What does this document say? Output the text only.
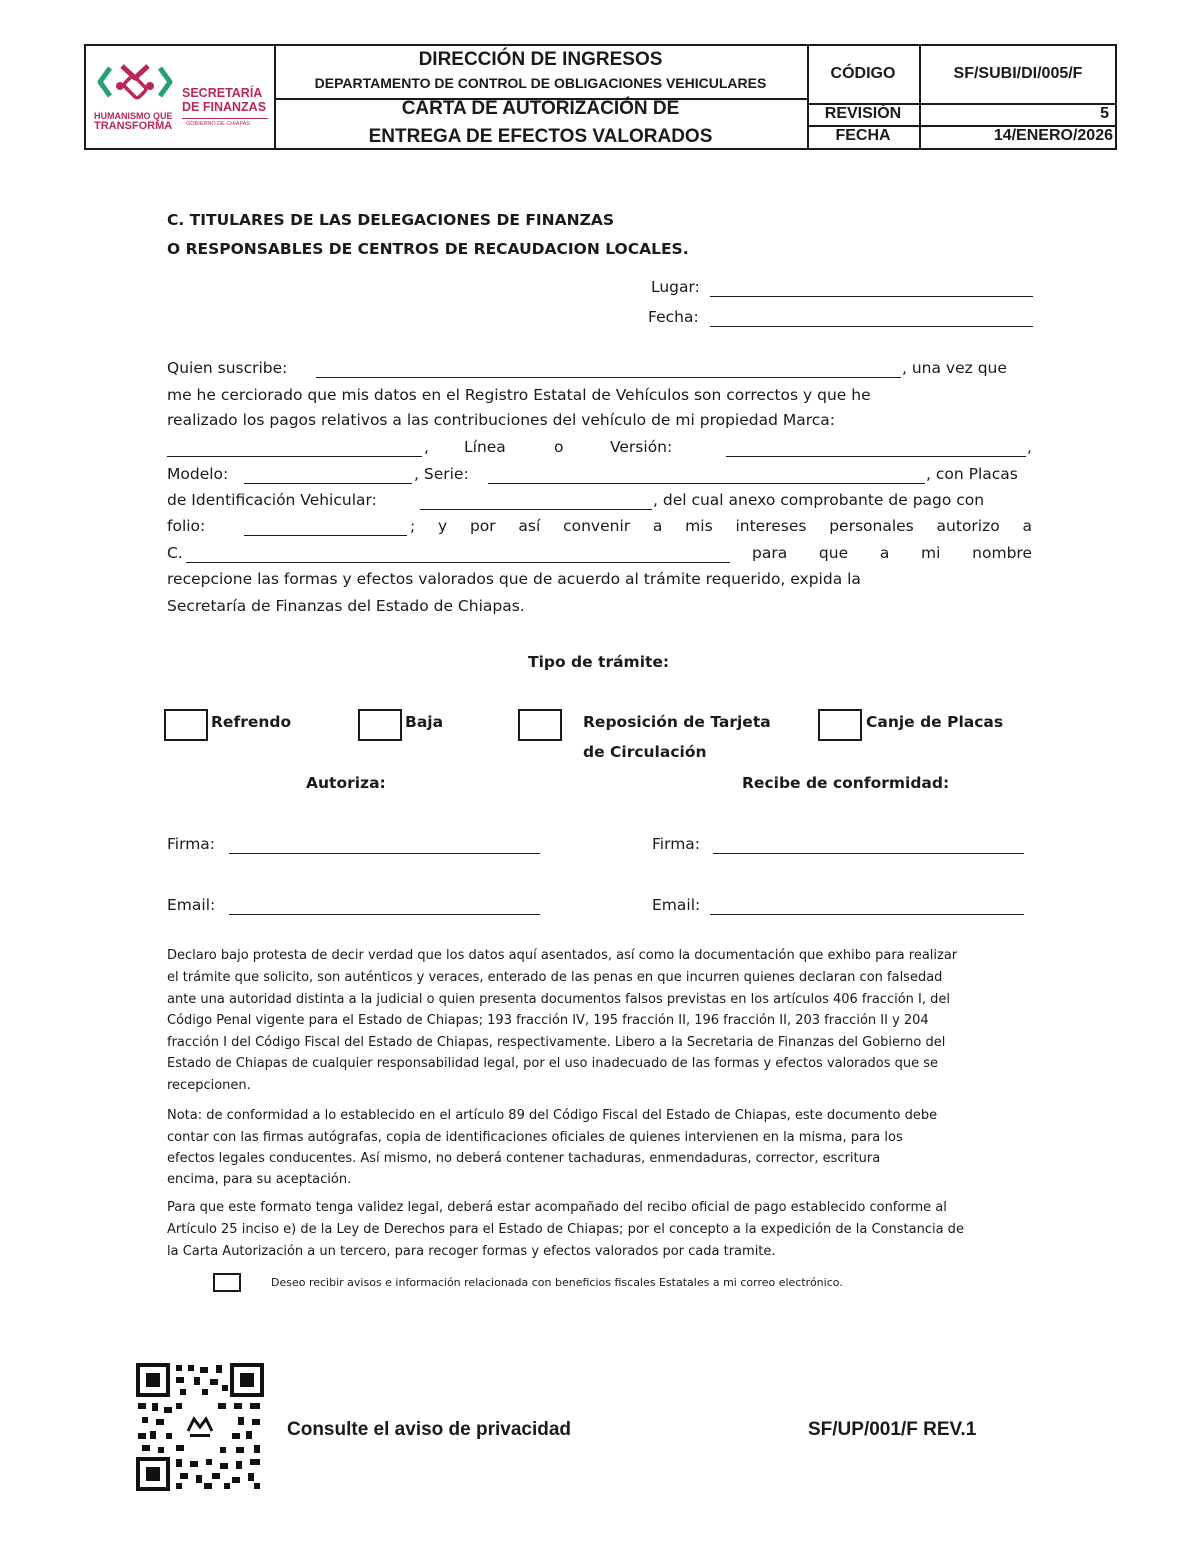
HUMANISMO QUE
TRANSFORMA
SECRETARÍA
DE FINANZAS
GOBIERNO DE CHIAPAS
DIRECCIÓN DE INGRESOS
DEPARTAMENTO DE CONTROL DE OBLIGACIONES VEHICULARES
CARTA DE AUTORIZACIÓN DE
ENTREGA DE EFECTOS VALORADOS
CÓDIGO	SF/SUBI/DI/005/F
REVISIÓN	5
FECHA	14/ENERO/2026
C. TITULARES DE LAS DELEGACIONES DE FINANZAS
O RESPONSABLES DE CENTROS DE RECAUDACION LOCALES.
Lugar:
Fecha:
Quien suscribe:	, una vez que
me he cerciorado que mis datos en el Registro Estatal de Vehículos son correctos y que he
realizado los pagos relativos a las contribuciones del vehículo de mi propiedad Marca:
, Línea	o	Versión:	,
Modelo:	, Serie:	, con Placas
de Identificación Vehicular:	, del cual anexo comprobante de pago con
folio:	; y por así convenir a mis intereses personales autorizo a
C.	para que a mi nombre
recepcione las formas y efectos valorados que de acuerdo al trámite requerido, expida la
Secretaría de Finanzas del Estado de Chiapas.
Tipo de trámite:
Refrendo	Baja	Reposición de Tarjeta
de Circulación
Canje de Placas
Autoriza:	Recibe de conformidad:
Firma:	Firma:
Email:	Email:
Declaro bajo protesta de decir verdad que los datos aquí asentados, así como la documentación que exhibo para realizar
el trámite que solicito, son auténticos y veraces, enterado de las penas en que incurren quienes declaran con falsedad
ante una autoridad distinta a la judicial o quien presenta documentos falsos previstas en los artículos 406 fracción I, del
Código Penal vigente para el Estado de Chiapas; 193 fracción IV, 195 fracción II, 196 fracción II, 203 fracción II y 204
fracción I del Código Fiscal del Estado de Chiapas, respectivamente. Libero a la Secretaria de Finanzas del Gobierno del
Estado de Chiapas de cualquier responsabilidad legal, por el uso inadecuado de las formas y efectos valorados que se
recepcionen.
Nota: de conformidad a lo establecido en el artículo 89 del Código Fiscal del Estado de Chiapas, este documento debe
contar con las firmas autógrafas, copia de identificaciones oficiales de quienes intervienen en la misma, para los
efectos legales conducentes. Así mismo, no deberá contener tachaduras, enmendaduras, corrector, escritura
encima, para su aceptación.
Para que este formato tenga validez legal, deberá estar acompañado del recibo oficial de pago establecido conforme al
Artículo 25 inciso e) de la Ley de Derechos para el Estado de Chiapas; por el concepto a la expedición de la Constancia de
la Carta Autorización a un tercero, para recoger formas y efectos valorados por cada tramite.
Deseo recibir avisos e información relacionada con beneficios fiscales Estatales a mi correo electrónico.
Consulte el aviso de privacidad	SF/UP/001/F REV.1
